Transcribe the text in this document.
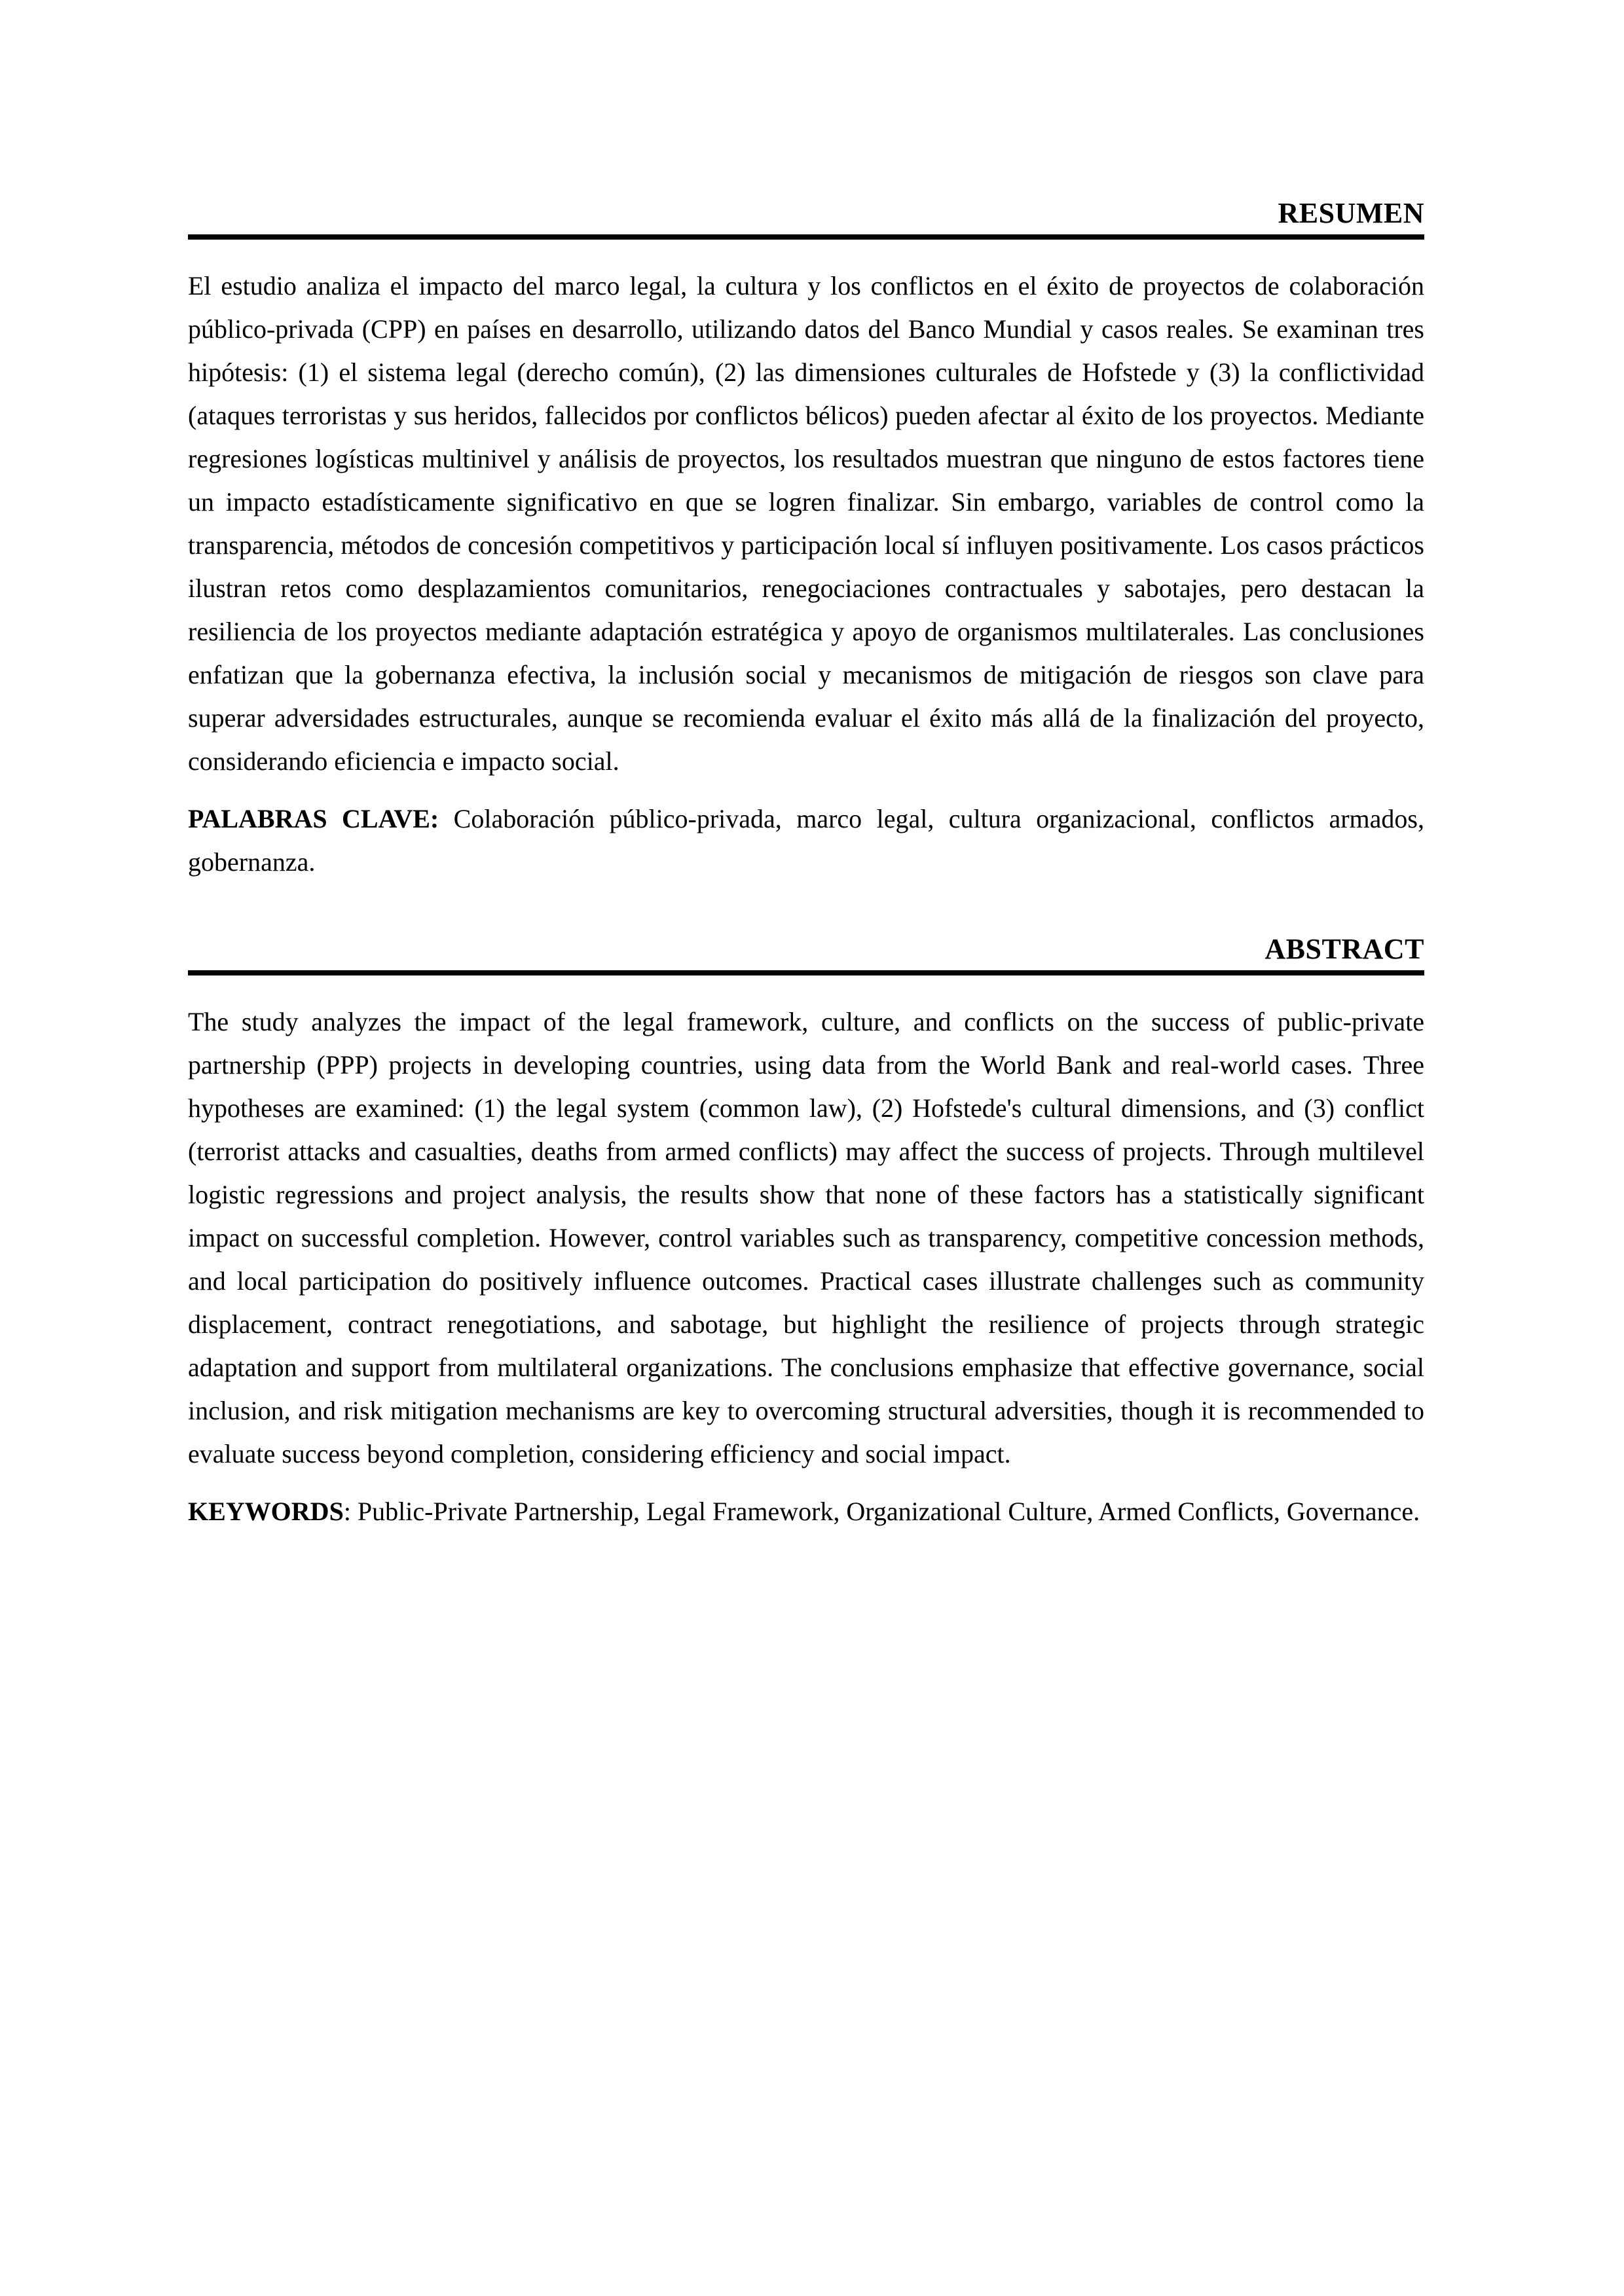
RESUMEN

El estudio analiza el impacto del marco legal, la cultura y los conflictos en el éxito de proyectos de colaboración público-privada (CPP) en países en desarrollo, utilizando datos del Banco Mundial y casos reales. Se examinan tres hipótesis: (1) el sistema legal (derecho común), (2) las dimensiones culturales de Hofstede y (3) la conflictividad (ataques terroristas y sus heridos, fallecidos por conflictos bélicos) pueden afectar al éxito de los proyectos. Mediante regresiones logísticas multinivel y análisis de proyectos, los resultados muestran que ninguno de estos factores tiene un impacto estadísticamente significativo en que se logren finalizar. Sin embargo, variables de control como la transparencia, métodos de concesión competitivos y participación local sí influyen positivamente. Los casos prácticos ilustran retos como desplazamientos comunitarios, renegociaciones contractuales y sabotajes, pero destacan la resiliencia de los proyectos mediante adaptación estratégica y apoyo de organismos multilaterales. Las conclusiones enfatizan que la gobernanza efectiva, la inclusión social y mecanismos de mitigación de riesgos son clave para superar adversidades estructurales, aunque se recomienda evaluar el éxito más allá de la finalización del proyecto, considerando eficiencia e impacto social.

PALABRAS CLAVE: Colaboración público-privada, marco legal, cultura organizacional, conflictos armados, gobernanza.

ABSTRACT

The study analyzes the impact of the legal framework, culture, and conflicts on the success of public-private partnership (PPP) projects in developing countries, using data from the World Bank and real-world cases. Three hypotheses are examined: (1) the legal system (common law), (2) Hofstede's cultural dimensions, and (3) conflict (terrorist attacks and casualties, deaths from armed conflicts) may affect the success of projects. Through multilevel logistic regressions and project analysis, the results show that none of these factors has a statistically significant impact on successful completion. However, control variables such as transparency, competitive concession methods, and local participation do positively influence outcomes. Practical cases illustrate challenges such as community displacement, contract renegotiations, and sabotage, but highlight the resilience of projects through strategic adaptation and support from multilateral organizations. The conclusions emphasize that effective governance, social inclusion, and risk mitigation mechanisms are key to overcoming structural adversities, though it is recommended to evaluate success beyond completion, considering efficiency and social impact.

KEYWORDS: Public-Private Partnership, Legal Framework, Organizational Culture, Armed Conflicts, Governance.
